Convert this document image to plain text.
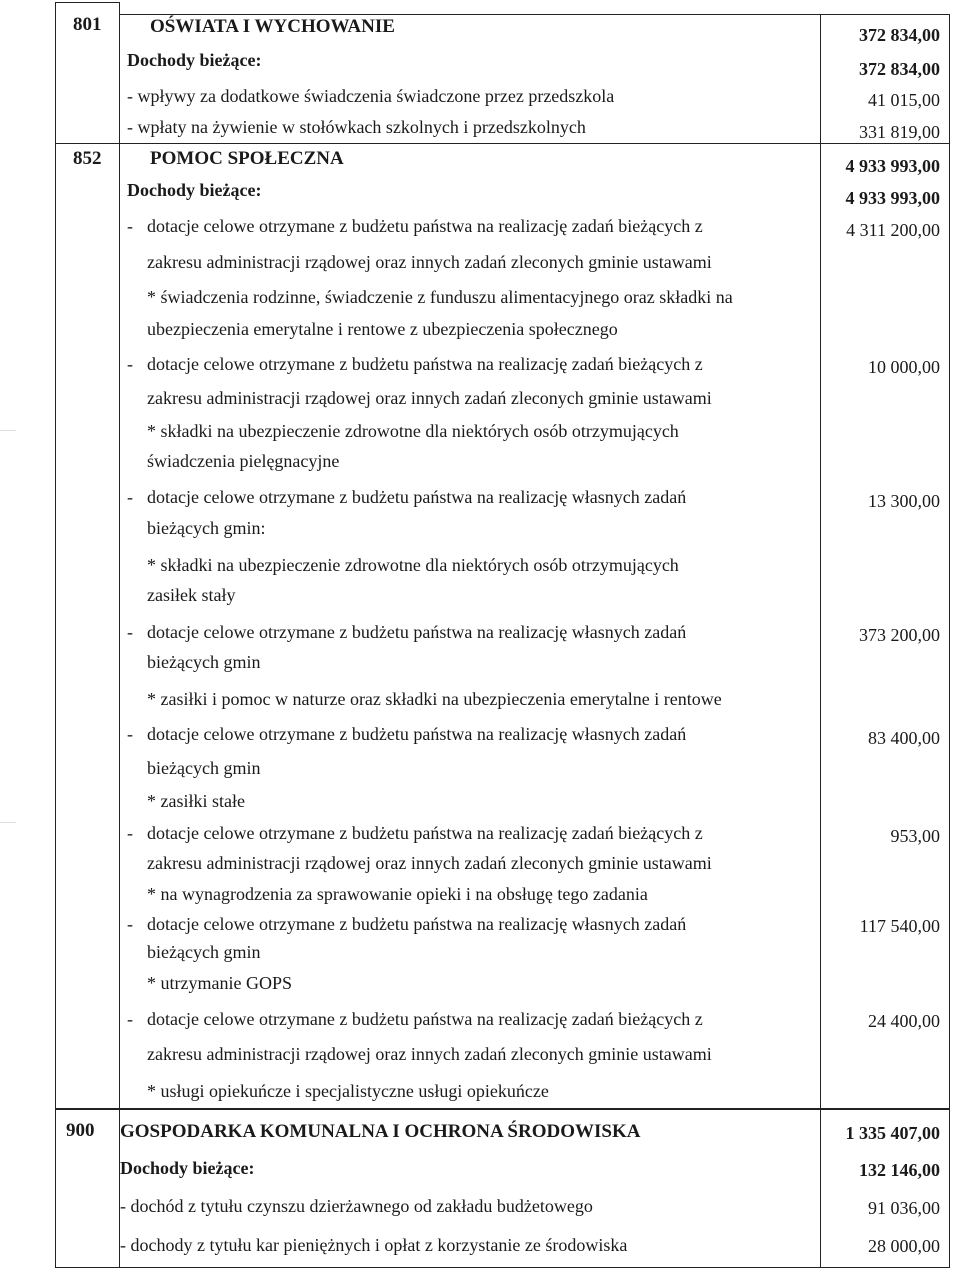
801	OŚWIATA I WYCHOWANIE	372 834,00
Dochody bieżące:	372 834,00
- wpływy za dodatkowe świadczenia świadczone przez przedszkola	41 015,00
- wpłaty na żywienie w stołówkach szkolnych i przedszkolnych	331 819,00
852	POMOC SPOŁECZNA	4 933 993,00
Dochody bieżące:	4 933 993,00
- dotacje celowe otrzymane z budżetu państwa na realizację zadań bieżących z
zakresu administracji rządowej oraz innych zadań zleconych gminie ustawami
* świadczenia rodzinne, świadczenie z funduszu alimentacyjnego oraz składki na
ubezpieczenia emerytalne i rentowe z ubezpieczenia społecznego
4 311 200,00
- dotacje celowe otrzymane z budżetu państwa na realizację zadań bieżących z
zakresu administracji rządowej oraz innych zadań zleconych gminie ustawami
* składki na ubezpieczenie zdrowotne dla niektórych osób otrzymujących
świadczenia pielęgnacyjne
10 000,00
- dotacje celowe otrzymane z budżetu państwa na realizację własnych zadań
bieżących gmin:
* składki na ubezpieczenie zdrowotne dla niektórych osób otrzymujących
zasiłek stały
13 300,00
- dotacje celowe otrzymane z budżetu państwa na realizację własnych zadań
bieżących gmin
* zasiłki i pomoc w naturze oraz składki na ubezpieczenia emerytalne i rentowe
373 200,00
- dotacje celowe otrzymane z budżetu państwa na realizację własnych zadań
bieżących gmin
* zasiłki stałe
83 400,00
- dotacje celowe otrzymane z budżetu państwa na realizację zadań bieżących z
zakresu administracji rządowej oraz innych zadań zleconych gminie ustawami
* na wynagrodzenia za sprawowanie opieki i na obsługę tego zadania
953,00
- dotacje celowe otrzymane z budżetu państwa na realizację własnych zadań
bieżących gmin
* utrzymanie GOPS
117 540,00
- dotacje celowe otrzymane z budżetu państwa na realizację zadań bieżących z
zakresu administracji rządowej oraz innych zadań zleconych gminie ustawami
* usługi opiekuńcze i specjalistyczne usługi opiekuńcze
24 400,00
900 GOSPODARKA KOMUNALNA I OCHRONA ŚRODOWISKA	1 335 407,00
Dochody bieżące:	132 146,00
- dochód z tytułu czynszu dzierżawnego od zakładu budżetowego	91 036,00
- dochody z tytułu kar pieniężnych i opłat z korzystanie ze środowiska	28 000,00
